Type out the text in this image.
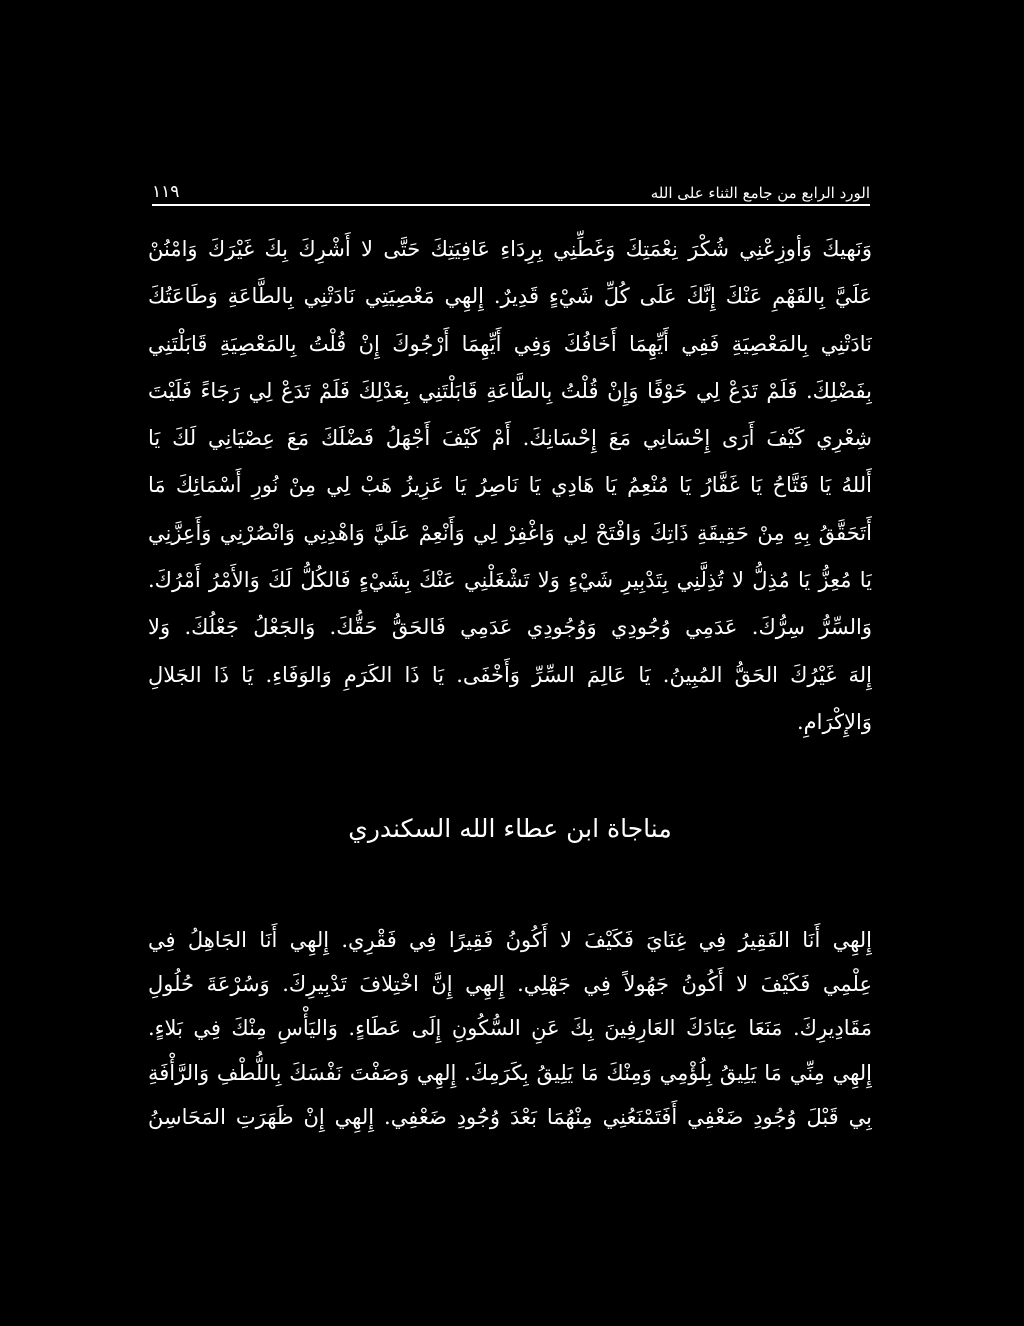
١١٩	الورد الرابع من جامع الثناء على الله
وَنَهيكَ وَأوزِعْنِي شُكْرَ نِعْمَتِكَ وَغَطِّنِي بِرِدَاءِ عَافِيَتِكَ حَتَّى لا أَشْرِكَ بِكَ غَيْرَكَ وَامْنُنْ
عَلَيَّ بِالفَهْمِ عَنْكَ إِنَّكَ عَلَى كُلِّ شَيْءٍ قَدِيرٌ. إِلهِي مَعْصِيَتِي نَادَتْنِي بِالطَّاعَةِ وَطَاعَتُكَ
نَادَتْنِي بِالمَعْصِيَةِ فَفِي أَيِّهِمَا أَخَافُكَ وَفِي أَيِّهِمَا أَرْجُوكَ إِنْ قُلْتُ بِالمَعْصِيَةِ قَابَلْتَنِي
بِفَضْلِكَ. فَلَمْ تَدَعْ لِي خَوْفًا وَإِنْ قُلْتُ بِالطَّاعَةِ قَابَلْتَنِي بِعَدْلِكَ فَلَمْ تَدَعْ لِي رَجَاءً فَلَيْتَ
شِعْرِي كَيْفَ أَرَى إِحْسَانِي مَعَ إِحْسَانِكَ. أَمْ كَيْفَ أَجْهَلُ فَضْلَكَ مَعَ عِصْيَانِي لَكَ يَا
أَللهُ يَا فَتَّاحُ يَا غَفَّارُ يَا مُنْعِمُ يَا هَادِي يَا نَاصِرُ يَا عَزِيزُ هَبْ لِي مِنْ نُورِ أَسْمَائِكَ مَا
أَتَحَقَّقُ بِهِ مِنْ حَقِيقَةِ ذَاتِكَ وَافْتَحْ لِي وَاغْفِرْ لِي وَأَنْعِمْ عَلَيَّ وَاهْدِنِي وَانْصُرْنِي وَأَعِزَّنِي
يَا مُعِزُّ يَا مُذِلُّ لا تُذِلَّنِي بِتَدْبِيرِ شَيْءٍ وَلا تَشْغَلْنِي عَنْكَ بِشَيْءٍ فَالكُلُّ لَكَ وَالأَمْرُ أَمْرُكَ.
وَالسِّرُّ سِرُّكَ. عَدَمِي وُجُودِي وَوُجُودِي عَدَمِي فَالحَقُّ حَقُّكَ. وَالجَعْلُ جَعْلُكَ. وَلا
إِلهَ غَيْرُكَ الحَقُّ المُبِينُ. يَا عَالِمَ السِّرِّ وَأَخْفَى. يَا ذَا الكَرَمِ وَالوَفَاءِ. يَا ذَا الجَلالِ
وَالإِكْرَامِ.
مناجاة ابن عطاء الله السكندري
إِلهِي أَنَا الفَقِيرُ فِي غِنَايَ فَكَيْفَ لا أَكُونُ فَقِيرًا فِي فَقْرِي. إِلهِي أَنَا الجَاهِلُ فِي
عِلْمِي فَكَيْفَ لا أَكُونُ جَهُولاً فِي جَهْلِي. إِلهِي إِنَّ اخْتِلافَ تَدْبِيرِكَ. وَسُرْعَةَ حُلُولِ
مَقَادِيرِكَ. مَنَعَا عِبَادَكَ العَارِفِينَ بِكَ عَنِ السُّكُونِ إِلَى عَطَاءٍ. وَاليَأْسِ مِنْكَ فِي بَلاءٍ.
إِلهِي مِنِّي مَا يَلِيقُ بِلُؤْمِي وَمِنْكَ مَا يَلِيقُ بِكَرَمِكَ. إِلهِي وَصَفْتَ نَفْسَكَ بِاللُّطْفِ وَالرَّأْفَةِ
بِي قَبْلَ وُجُودِ ضَعْفِي أَفَتَمْنَعُنِي مِنْهُمَا بَعْدَ وُجُودِ ضَعْفِي. إِلهِي إِنْ ظَهَرَتِ المَحَاسِنُ
